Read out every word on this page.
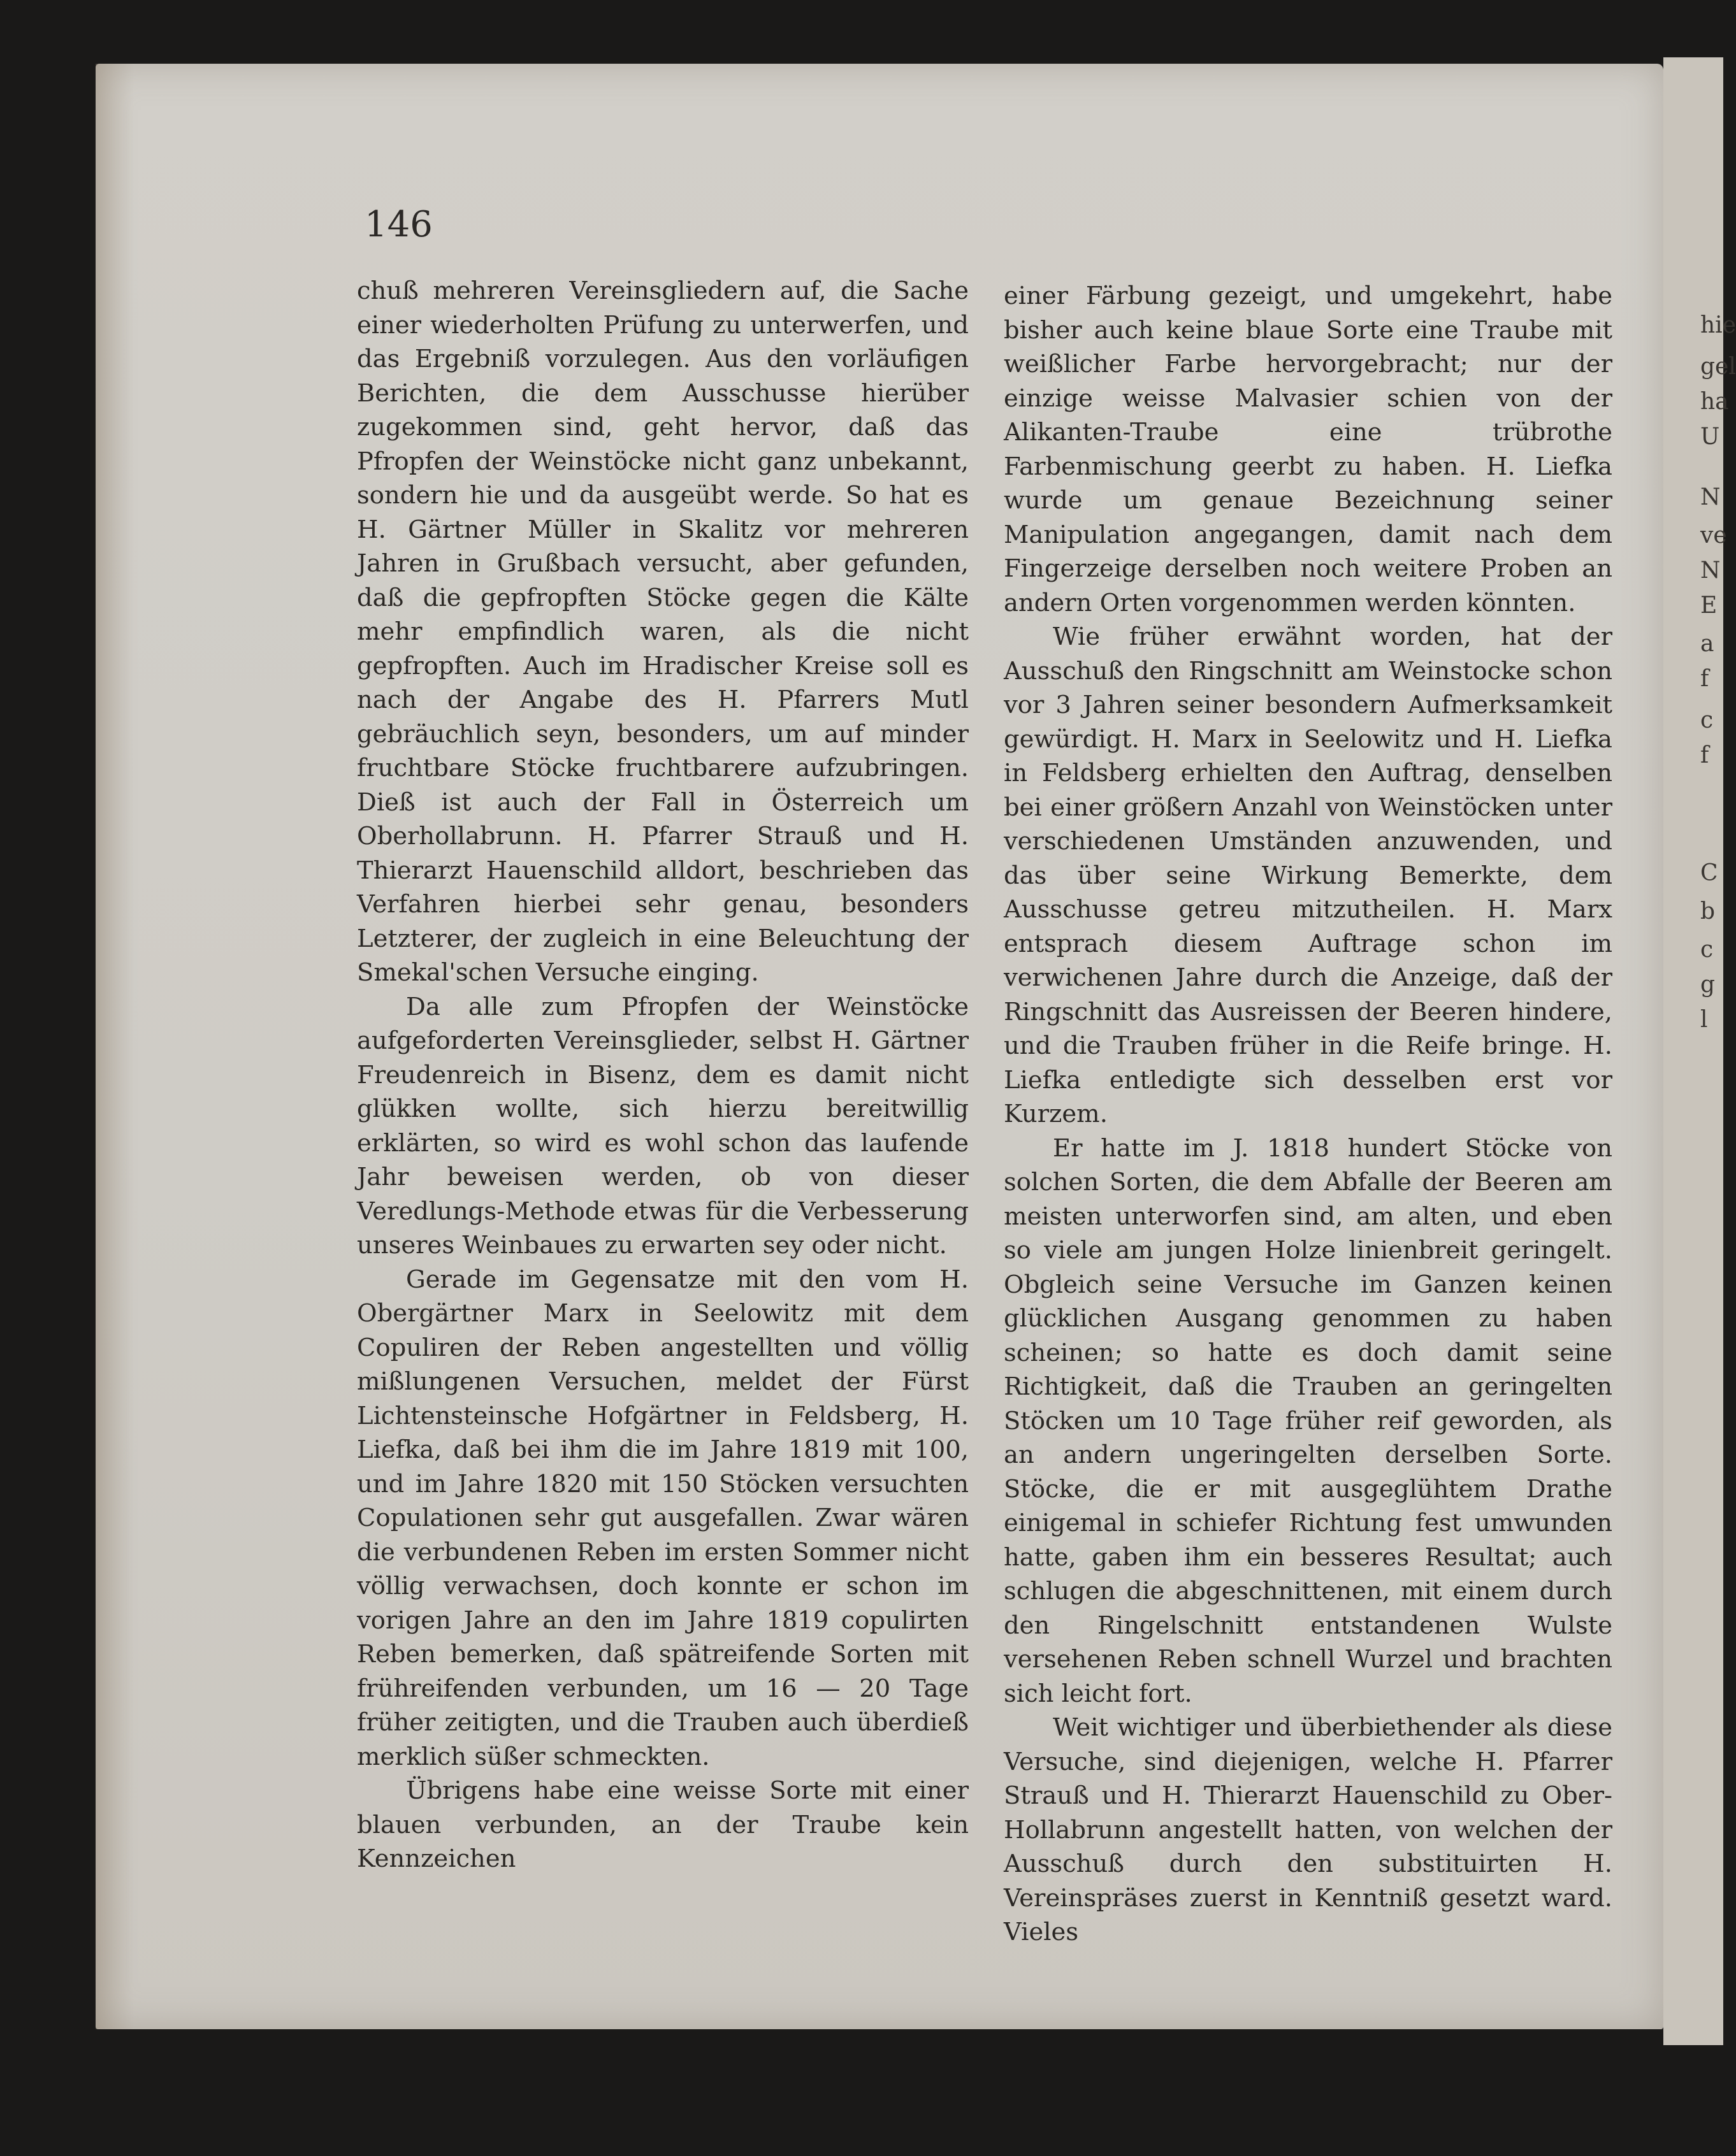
hie
gel
ha
U
N
ve
N
E
a
f
c
f
C
b
c
g
l
146

chuß mehreren Vereinsgliedern auf, die Sache einer wiederholten Prüfung zu unterwerfen, und das Ergebniß vorzulegen. Aus den vorläufigen Berichten, die dem Ausschusse hierüber zugekommen sind, geht hervor, daß das Pfropfen der Weinstöcke nicht ganz unbekannt, sondern hie und da ausgeübt werde. So hat es H. Gärtner Müller in Skalitz vor mehreren Jahren in Grußbach versucht, aber gefunden, daß die gepfropften Stöcke gegen die Kälte mehr empfindlich waren, als die nicht gepfropften. Auch im Hradischer Kreise soll es nach der Angabe des H. Pfarrers Mutl gebräuchlich seyn, besonders, um auf minder fruchtbare Stöcke fruchtbarere aufzubringen. Dieß ist auch der Fall in Österreich um Oberhollabrunn. H. Pfarrer Strauß und H. Thierarzt Hauenschild alldort, beschrieben das Verfahren hierbei sehr genau, besonders Letzterer, der zugleich in eine Beleuchtung der Smekal'schen Versuche einging.

Da alle zum Pfropfen der Weinstöcke aufgeforderten Vereinsglieder, selbst H. Gärtner Freudenreich in Bisenz, dem es damit nicht glükken wollte, sich hierzu bereitwillig erklärten, so wird es wohl schon das laufende Jahr beweisen werden, ob von dieser Veredlungs-Methode etwas für die Verbesserung unseres Weinbaues zu erwarten sey oder nicht.

Gerade im Gegensatze mit den vom H. Obergärtner Marx in Seelowitz mit dem Copuliren der Reben angestellten und völlig mißlungenen Versuchen, meldet der Fürst Lichtensteinsche Hofgärtner in Feldsberg, H. Liefka, daß bei ihm die im Jahre 1819 mit 100, und im Jahre 1820 mit 150 Stöcken versuchten Copulationen sehr gut ausgefallen. Zwar wären die verbundenen Reben im ersten Sommer nicht völlig verwachsen, doch konnte er schon im vorigen Jahre an den im Jahre 1819 copulirten Reben bemerken, daß spätreifende Sorten mit frühreifenden verbunden, um 16 — 20 Tage früher zeitigten, und die Trauben auch überdieß merklich süßer schmeckten.

Übrigens habe eine weisse Sorte mit einer blauen verbunden, an der Traube kein Kennzeichen

einer Färbung gezeigt, und umgekehrt, habe bisher auch keine blaue Sorte eine Traube mit weißlicher Farbe hervorgebracht; nur der einzige weisse Malvasier schien von der Alikanten-Traube eine trübrothe Farbenmischung geerbt zu haben. H. Liefka wurde um genaue Bezeichnung seiner Manipulation angegangen, damit nach dem Fingerzeige derselben noch weitere Proben an andern Orten vorgenommen werden könnten.

Wie früher erwähnt worden, hat der Ausschuß den Ringschnitt am Weinstocke schon vor 3 Jahren seiner besondern Aufmerksamkeit gewürdigt. H. Marx in Seelowitz und H. Liefka in Feldsberg erhielten den Auftrag, denselben bei einer größern Anzahl von Weinstöcken unter verschiedenen Umständen anzuwenden, und das über seine Wirkung Bemerkte, dem Ausschusse getreu mitzutheilen. H. Marx entsprach diesem Auftrage schon im verwichenen Jahre durch die Anzeige, daß der Ringschnitt das Ausreissen der Beeren hindere, und die Trauben früher in die Reife bringe. H. Liefka entledigte sich desselben erst vor Kurzem.

Er hatte im J. 1818 hundert Stöcke von solchen Sorten, die dem Abfalle der Beeren am meisten unterworfen sind, am alten, und eben so viele am jungen Holze linienbreit geringelt. Obgleich seine Versuche im Ganzen keinen glücklichen Ausgang genommen zu haben scheinen; so hatte es doch damit seine Richtigkeit, daß die Trauben an geringelten Stöcken um 10 Tage früher reif geworden, als an andern ungeringelten derselben Sorte. Stöcke, die er mit ausgeglühtem Drathe einigemal in schiefer Richtung fest umwunden hatte, gaben ihm ein besseres Resultat; auch schlugen die abgeschnittenen, mit einem durch den Ringelschnitt entstandenen Wulste versehenen Reben schnell Wurzel und brachten sich leicht fort.

Weit wichtiger und überbiethender als diese Versuche, sind diejenigen, welche H. Pfarrer Strauß und H. Thierarzt Hauenschild zu Ober-Hollabrunn angestellt hatten, von welchen der Ausschuß durch den substituirten H. Vereinspräses zuerst in Kenntniß gesetzt ward. Vieles
